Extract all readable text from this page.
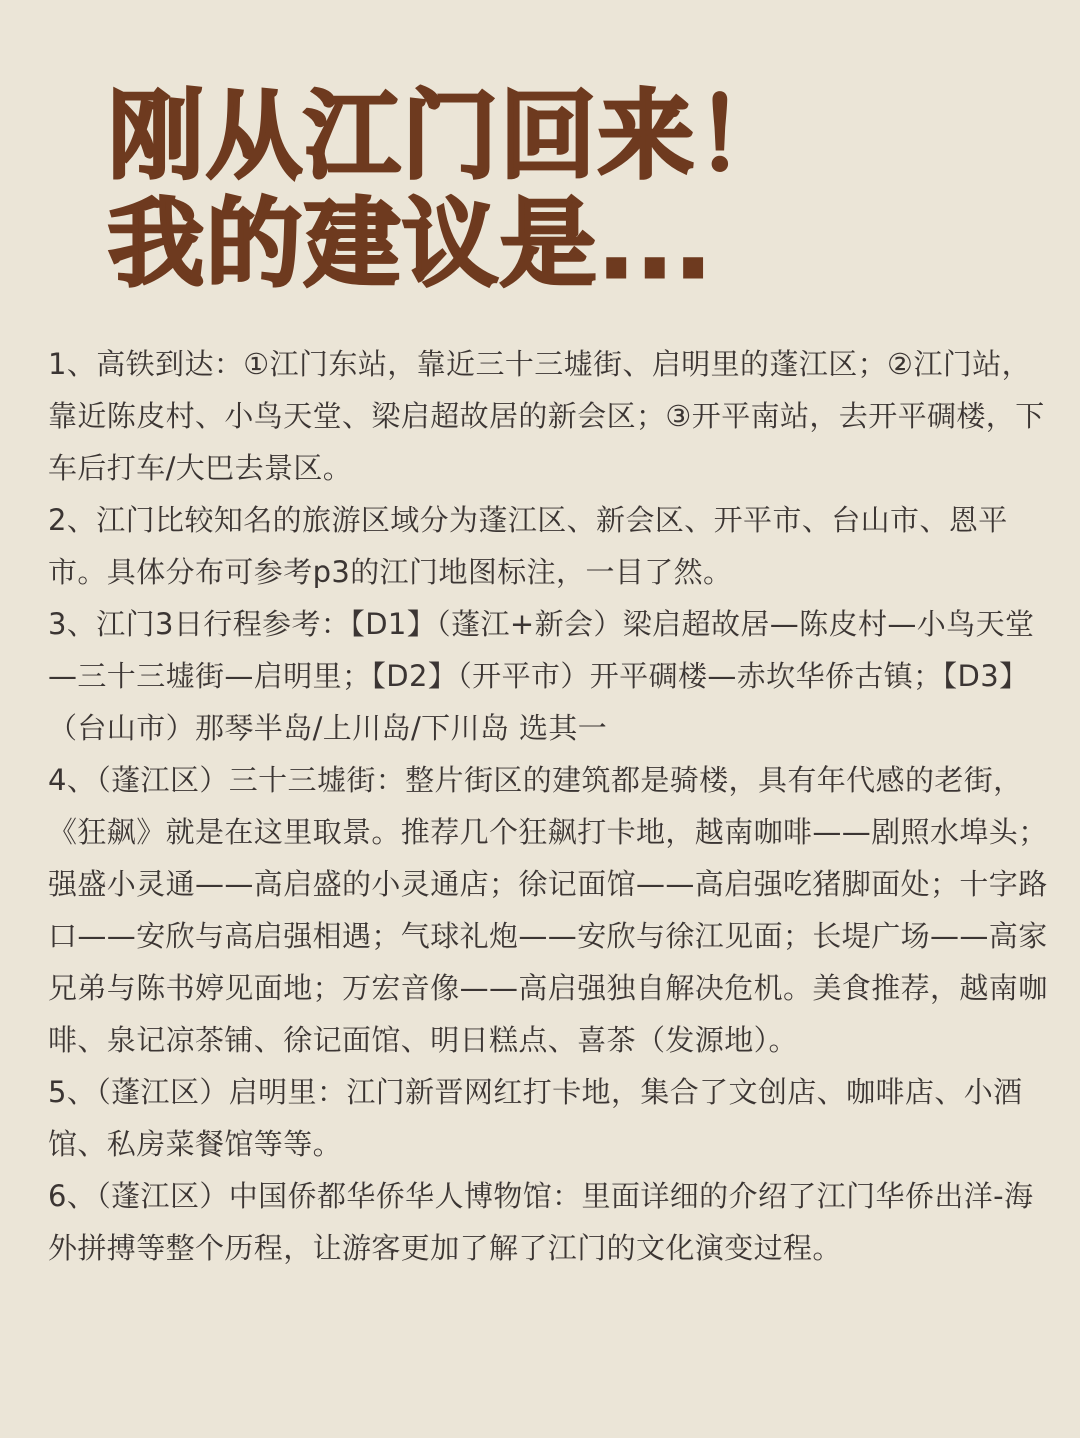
刚从江门回来！
我的建议是...
1、高铁到达：①江门东站，靠近三十三墟街、启明里的蓬江区；②江门站，靠近陈皮村、小鸟天堂、梁启超故居的新会区；③开平南站，去开平碉楼，下车后打车/大巴去景区。
2、江门比较知名的旅游区域分为蓬江区、新会区、开平市、台山市、恩平市。具体分布可参考p3的江门地图标注，一目了然。
3、江门3日行程参考：【D1】（蓬江+新会）梁启超故居—陈皮村—小鸟天堂—三十三墟街—启明里；【D2】（开平市）开平碉楼—赤坎华侨古镇；【D3】（台山市）那琴半岛/上川岛/下川岛 选其一
4、（蓬江区）三十三墟街：整片街区的建筑都是骑楼，具有年代感的老街，《狂飙》就是在这里取景。推荐几个狂飙打卡地，越南咖啡——剧照水埠头；强盛小灵通——高启盛的小灵通店；徐记面馆——高启强吃猪脚面处；十字路口——安欣与高启强相遇；气球礼炮——安欣与徐江见面；长堤广场——高家兄弟与陈书婷见面地；万宏音像——高启强独自解决危机。美食推荐，越南咖啡、泉记凉茶铺、徐记面馆、明日糕点、喜茶（发源地）。
5、（蓬江区）启明里：江门新晋网红打卡地，集合了文创店、咖啡店、小酒馆、私房菜餐馆等等。
6、（蓬江区）中国侨都华侨华人博物馆：里面详细的介绍了江门华侨出洋-海外拼搏等整个历程，让游客更加了解了江门的文化演变过程。
